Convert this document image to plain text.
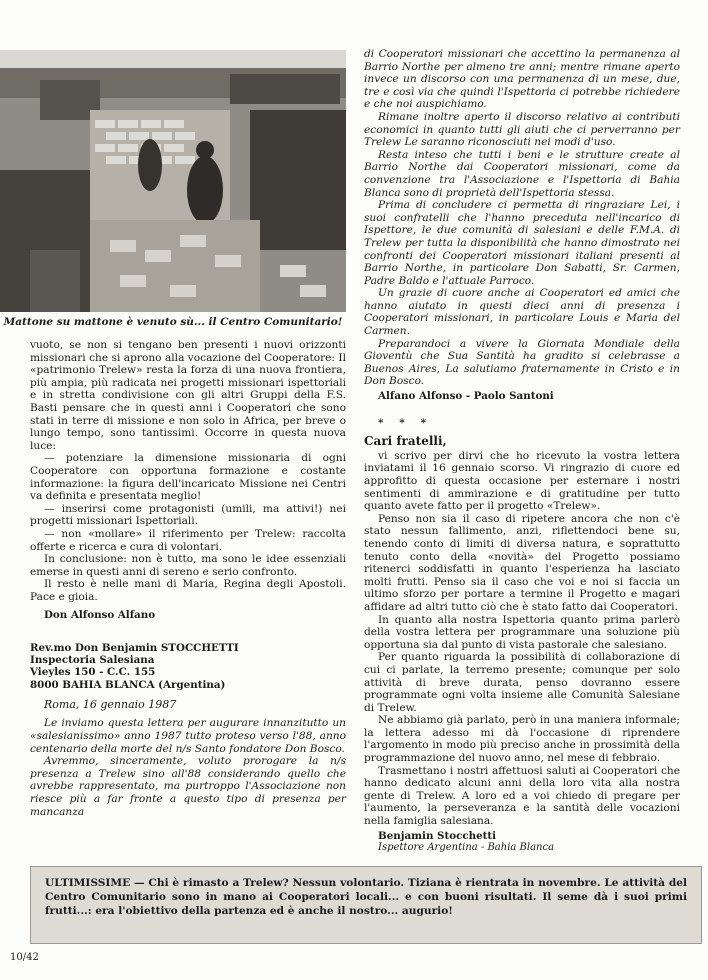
Mattone su mattone è venuto sù... il Centro Comunitario!

vuoto, se non si tengano ben presenti i nuovi orizzonti missionari che si aprono alla vocazione del Cooperatore: Il «patrimonio Trelew» resta la forza di una nuova frontiera, più ampia, più radicata nei progetti missionari ispettoriali e in stretta condivisione con gli altri Gruppi della F.S. Basti pensare che in questi anni i Cooperatori che sono stati in terre di missione e non solo in Africa, per breve o lungo tempo, sono tantissimi. Occorre in questa nuova luce:

— potenziare la dimensione missionaria di ogni Cooperatore con opportuna formazione e costante informazione: la figura dell'incaricato Missione nei Centri va definita e presentata meglio!

— inserirsi come protagonisti (umili, ma attivi!) nei progetti missionari Ispettoriali.

— non «mollare» il riferimento per Trelew: raccolta offerte e ricerca e cura di volontari.

In conclusione: non è tutto, ma sono le idee essenziali emerse in questi anni di sereno e serio confronto.

Il resto è nelle mani di Maria, Regina degli Apostoli. Pace e gioia.

Don Alfonso Alfano

Rev.mo Don Benjamin STOCCHETTI
Inspectoria Salesiana
Vieyles 150 - C.C. 155
8000 BAHIA BLANCA (Argentina)

Roma, 16 gennaio 1987

Le inviamo questa lettera per augurare innanzitutto un «salesianissimo» anno 1987 tutto proteso verso l'88, anno centenario della morte del n/s Santo fondatore Don Bosco.

Avremmo, sinceramente, voluto prorogare la n/s presenza a Trelew sino all'88 considerando quello che avrebbe rappresentato, ma purtroppo l'Associazione non riesce più a far fronte a questo tipo di presenza per mancanza

di Cooperatori missionari che accettino la permanenza al Barrio Northe per almeno tre anni; mentre rimane aperto invece un discorso con una permanenza di un mese, due, tre e così via che quindi l'Ispettoria ci potrebbe richiedere e che noi auspichiamo.

Rimane inoltre aperto il discorso relativo ai contributi economici in quanto tutti gli aiuti che ci perverranno per Trelew Le saranno riconosciuti nei modi d'uso.

Resta inteso che tutti i beni e le strutture create al Barrio Northe dai Cooperatori missionari, come da convenzione tra l'Associazione e l'Ispettoria di Bahia Blanca sono di proprietà dell'Ispettoria stessa.

Prima di concludere ci permetta di ringraziare Lei, i suoi confratelli che l'hanno preceduta nell'incarico di Ispettore, le due comunità di salesiani e delle F.M.A. di Trelew per tutta la disponibilità che hanno dimostrato nei confronti dei Cooperatori missionari italiani presenti al Barrio Northe, in particolare Don Sabatti, Sr. Carmen, Padre Baldo e l'attuale Parroco.

Un grazie di cuore anche ai Cooperatori ed amici che hanno aiutato in questi dieci anni di presenza i Cooperatori missionari, in particolare Louis e Maria del Carmen.

Preparandoci a vivere la Giornata Mondiale della Gioventù che Sua Santità ha gradito si celebrasse a Buenos Aires, La salutiamo fraternamente in Cristo e in Don Bosco.

Alfano Alfonso - Paolo Santoni

* * *

Cari fratelli,

vi scrivo per dirvi che ho ricevuto la vostra lettera inviatami il 16 gennaio scorso. Vi ringrazio di cuore ed approfitto di questa occasione per esternare i nostri sentimenti di ammirazione e di gratitudine per tutto quanto avete fatto per il progetto «Trelew».

Penso non sia il caso di ripetere ancora che non c'è stato nessun fallimento, anzi, riflettendoci bene su, tenendo conto di limiti di diversa natura, e soprattutto tenuto conto della «novità» del Progetto possiamo ritenerci soddisfatti in quanto l'esperienza ha lasciato molti frutti. Penso sia il caso che voi e noi si faccia un ultimo sforzo per portare a termine il Progetto e magari affidare ad altri tutto ciò che è stato fatto dai Cooperatori.

In quanto alla nostra Ispettoria quanto prima parlerò della vostra lettera per programmare una soluzione più opportuna sia dal punto di vista pastorale che salesiano.

Per quanto riguarda la possibilità di collaborazione di cui ci parlate, la terremo presente; comunque per solo attività di breve durata, penso dovranno essere programmate ogni volta insieme alle Comunità Salesiane di Trelew.

Ne abbiamo già parlato, però in una maniera informale; la lettera adesso mi dà l'occasione di riprendere l'argomento in modo più preciso anche in prossimità della programmazione del nuovo anno, nel mese di febbraio.

Trasmettano i nostri affettuosi saluti ai Cooperatori che hanno dedicato alcuni anni della loro vita alla nostra gente di Trelew. A loro ed a voi chiedo di pregare per l'aumento, la perseveranza e la santità delle vocazioni nella famiglia salesiana.

Benjamin Stocchetti

Ispettore Argentina - Bahia Blanca

ULTIMISSIME — Chi è rimasto a Trelew? Nessun volontario. Tiziana è rientrata in novembre. Le attività del Centro Comunitario sono in mano ai Cooperatori locali... e con buoni risultati. Il seme dà i suoi primi frutti...: era l'obiettivo della partenza ed è anche il nostro... augurio!
10/42
